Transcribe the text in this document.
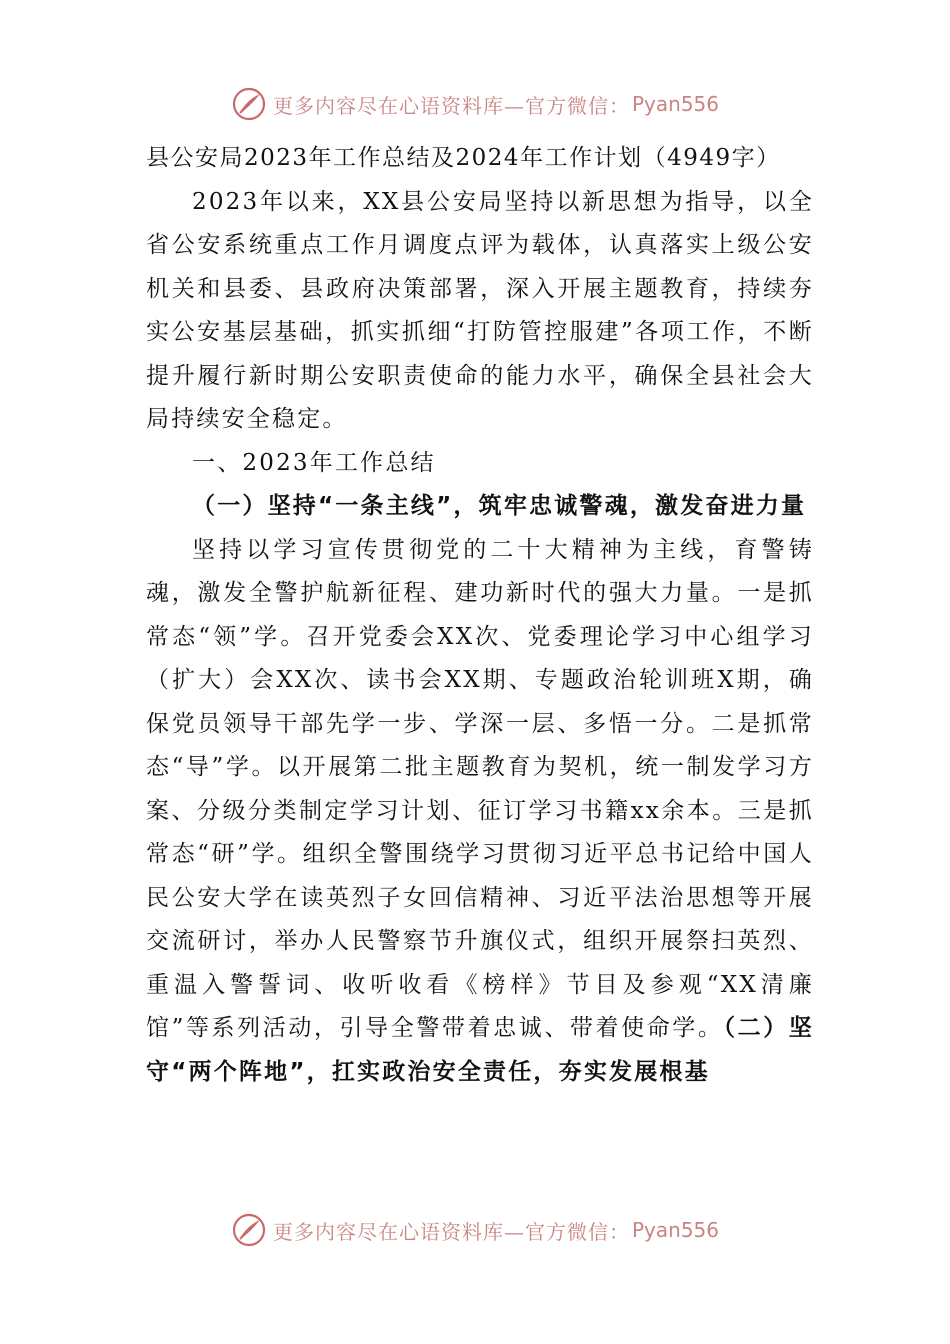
更多内容尽在心语资料库—官方微信： Pyan556

县公安局2023年工作总结及2024年工作计划（4949字）

2023年以来，XX县公安局坚持以新思想为指导，以全省公安系统重点工作月调度点评为载体，认真落实上级公安机关和县委、县政府决策部署，深入开展主题教育，持续夯实公安基层基础，抓实抓细“打防管控服建”各项工作，不断提升履行新时期公安职责使命的能力水平，确保全县社会大局持续安全稳定。

一、2023年工作总结

（一）坚持“一条主线”，筑牢忠诚警魂，激发奋进力量

坚持以学习宣传贯彻党的二十大精神为主线，育警铸魂，激发全警护航新征程、建功新时代的强大力量。一是抓常态“领”学。召开党委会XX次、党委理论学习中心组学习（扩大）会XX次、读书会XX期、专题政治轮训班X期，确保党员领导干部先学一步、学深一层、多悟一分。二是抓常态“导”学。以开展第二批主题教育为契机，统一制发学习方案、分级分类制定学习计划、征订学习书籍xx余本。三是抓常态“研”学。组织全警围绕学习贯彻习近平总书记给中国人民公安大学在读英烈子女回信精神、习近平法治思想等开展交流研讨，举办人民警察节升旗仪式，组织开展祭扫英烈、重温入警誓词、收听收看《榜样》节目及参观“XX清廉馆”等系列活动，引导全警带着忠诚、带着使命学。（二）坚守“两个阵地”，扛实政治安全责任，夯实发展根基

更多内容尽在心语资料库—官方微信： Pyan556
